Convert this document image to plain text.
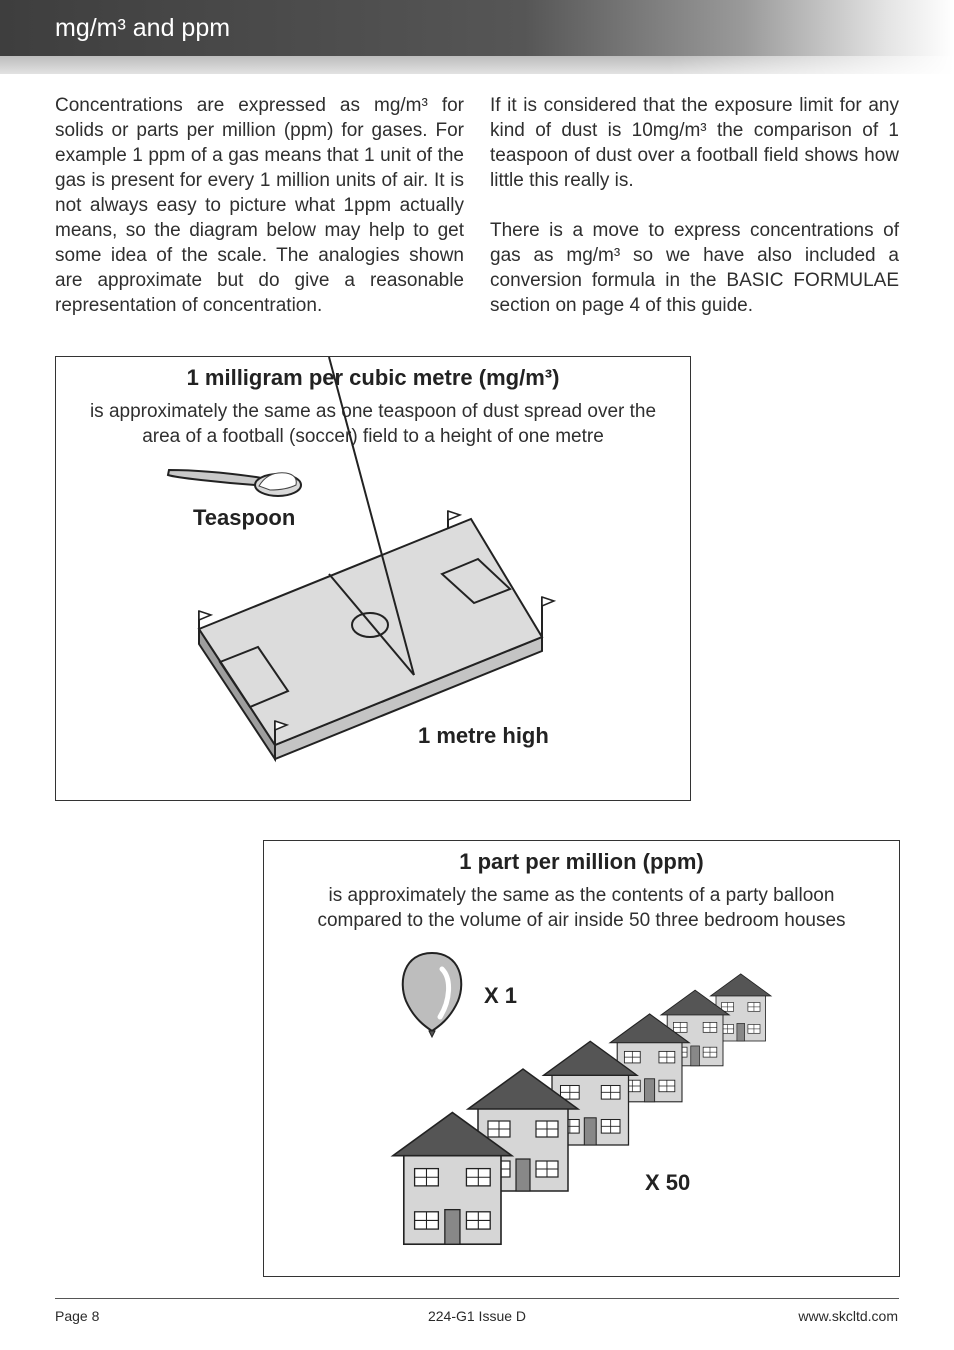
mg/m³ and ppm

Concentrations are expressed as mg/m³ for solids or parts per million (ppm) for gases. For example 1 ppm of a gas means that 1 unit of the gas is present for every 1 million units of air. It is not always easy to picture what 1ppm actually means, so the diagram below may help to get some idea of the scale. The analogies shown are approximate but do give a reasonable representation of concentration.

If it is considered that the exposure limit for any kind of dust is 10mg/m³ the comparison of 1 teaspoon of dust over a football field shows how little this really is.

There is a move to express concentrations of gas as mg/m³ so we have also included a conversion formula in the BASIC FORMULAE section on page 4 of this guide.

1 milligram per cubic metre (mg/m³)
is approximately the same as one teaspoon of dust spread over the
area of a football (soccer) field to a height of one metre
Teaspoon
1 metre high
1 part per million (ppm)
is approximately the same as the contents of a party balloon
compared to the volume of air inside 50 three bedroom houses
X 1
X 50
Page 8	224-G1 Issue D	www.skcltd.com
